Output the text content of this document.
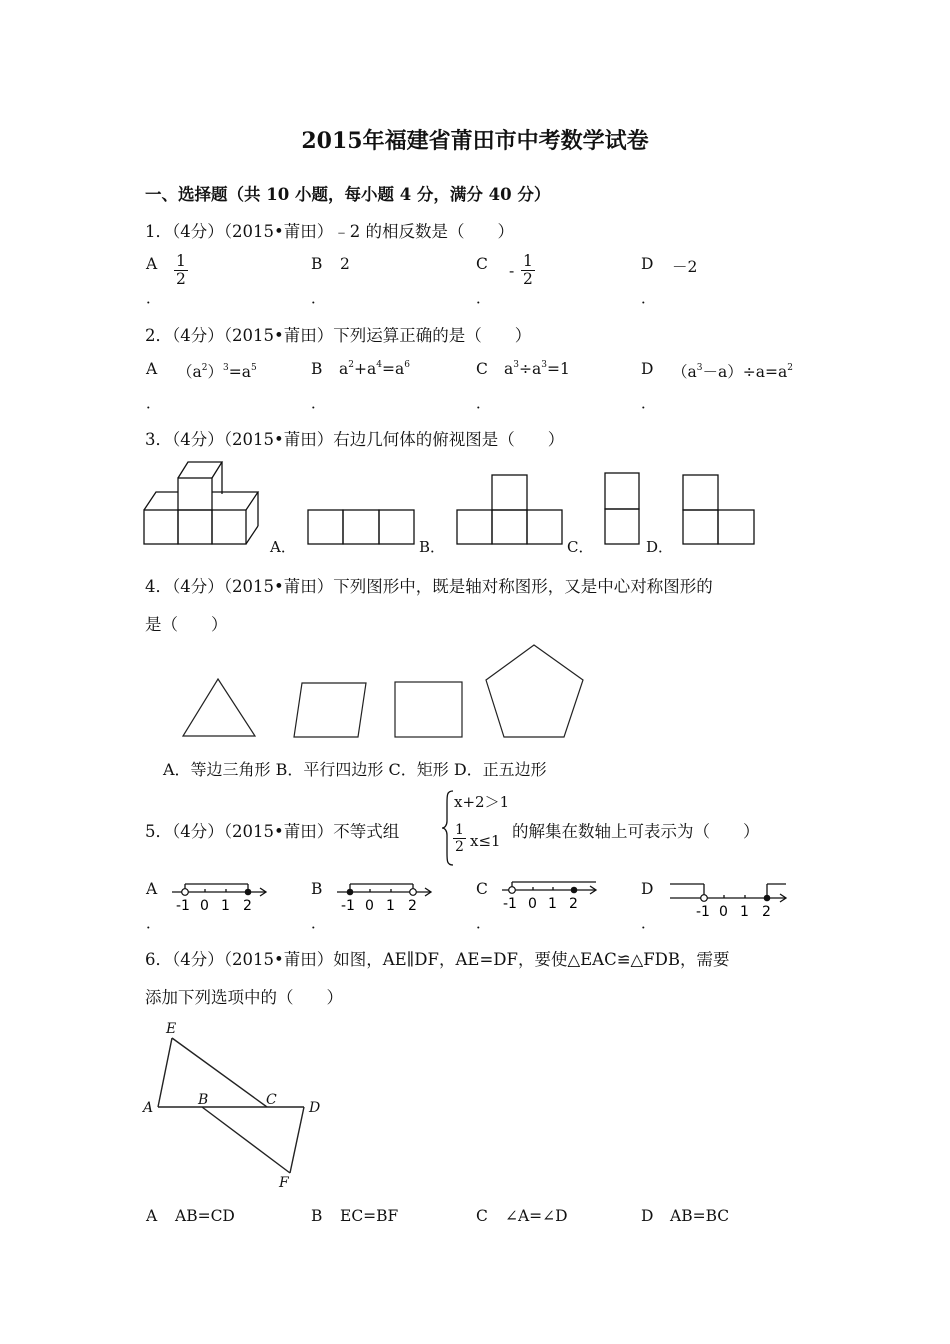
2015年福建省莆田市中考数学试卷
一、选择题（共 10 小题，每小题 4 分，满分 40 分）
1．（4分）（2015•莆田）﹣2 的相反数是（　　）
A $\frac{1}{2}$	B 2	C - $\frac{1}{2}$	D －2
．	．	．	．
2．（4分）（2015•莆田）下列运算正确的是（　　）
A $(a^2)^3=a^5$	B $a^2+a^4=a^6$	C $a^3\div a^3=1$	D $(a^3-a)\div a=a^2$
．	．	．	．
3．（4分）（2015•莆田）右边几何体的俯视图是（　　）
A．	B．	C．	D．
4．（4分）（2015•莆田）下列图形中，既是轴对称图形，又是中心对称图形的
是（　　）
A．等边三角形 B．平行四边形 C．矩形 D．正五边形
5．（4分）（2015•莆田）不等式组
x+2＞1
$\frac{1}{2} x\le 1$ 的解集在数轴上可表示为（　　）
A	B	C	D
．	．	．	．
-1 0 1 2	-1 0 1 2	-1 0 1 2	-1 0 1 2
6．（4分）（2015•莆田）如图，AE∥DF，AE=DF，要使△EAC≌△FDB，需要
添加下列选项中的（　　）
E
A	B	C D
F
A AB=CD	B EC=BF	C ∠A=∠D	D AB=BC
